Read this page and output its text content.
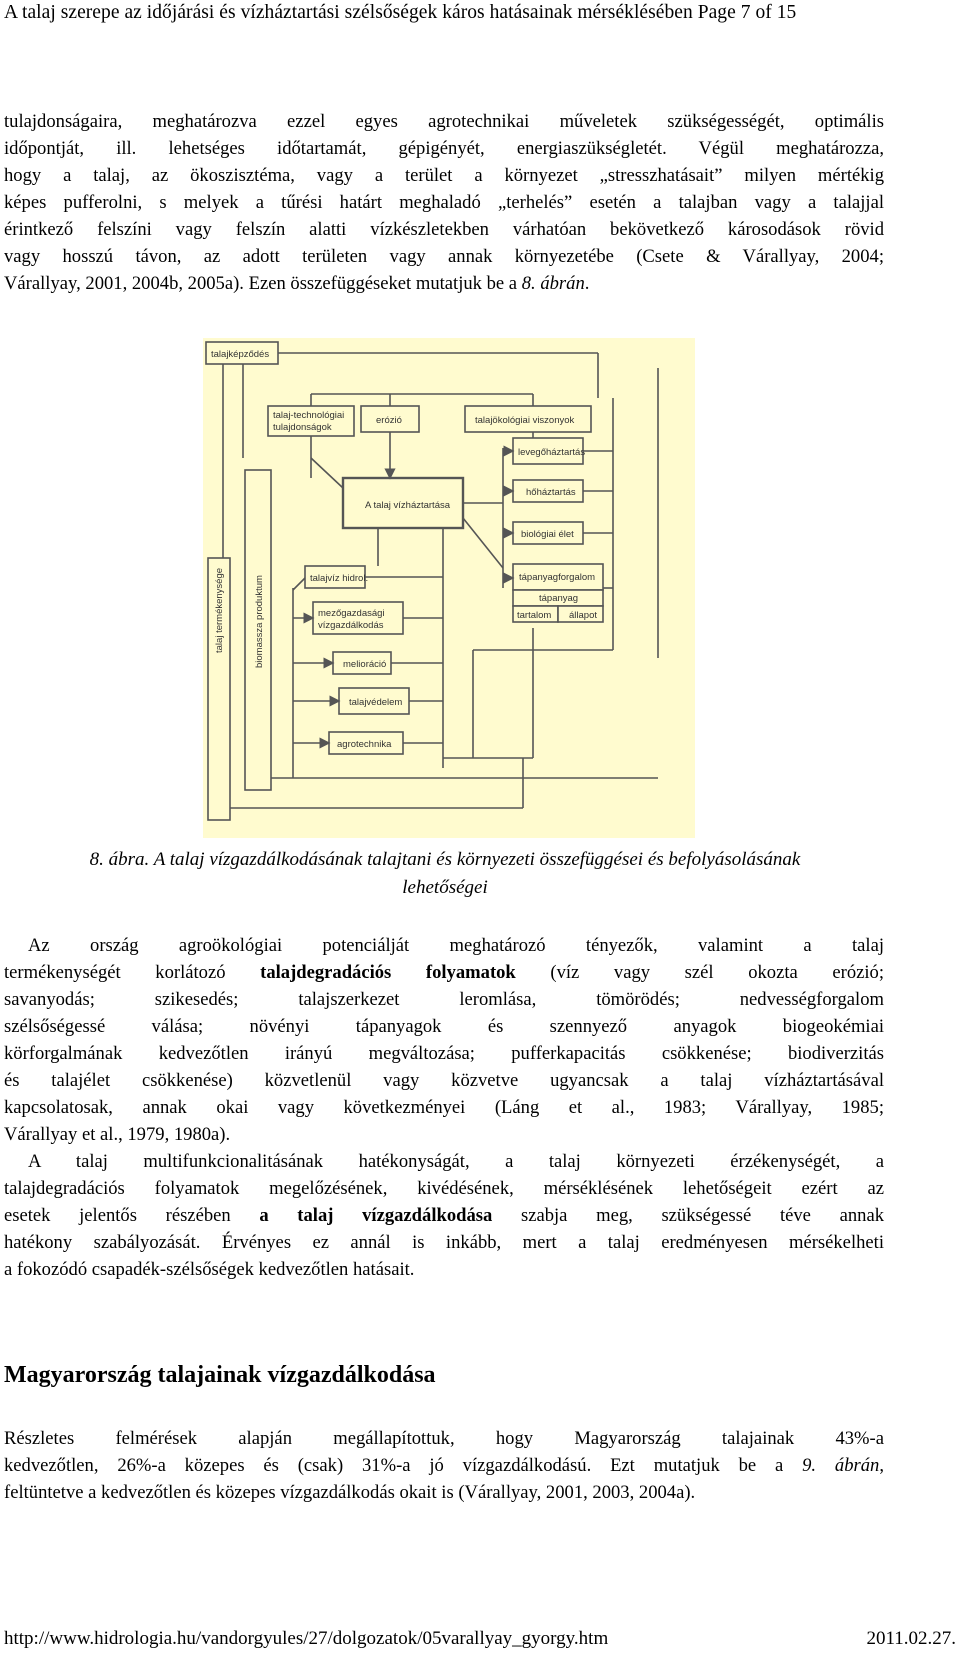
A talaj szerepe az időjárási és vízháztartási szélsőségek káros hatásainak mérséklésében Page 7 of 15
tulajdonságaira, meghatározva ezzel egyes agrotechnikai műveletek szükségességét, optimális
időpontját, ill. lehetséges időtartamát, gépigényét, energiaszükségletét. Végül meghatározza,
hogy a talaj, az ökoszisztéma, vagy a terület a környezet „stresszhatásait” milyen mértékig
képes pufferolni, s melyek a tűrési határt meghaladó „terhelés” esetén a talajban vagy a talajjal
érintkező felszíni vagy felszín alatti vízkészletekben várhatóan bekövetkező károsodások rövid
vagy hosszú távon, az adott területen vagy annak környezetébe (Csete & Várallyay, 2004;
Várallyay, 2001, 2004b, 2005a). Ezen összefüggéseket mutatjuk be a 8. ábrán.
talajképződés
talaj-technológiai
tulajdonságok
erózió	talajökológiai viszonyok
A talaj vízháztartása
levegőháztartás
hőháztartás
biológiai élet
tápanyagforgalom
tápanyag
tartalom állapot
talaj termékenysége	biomassza produktum	talajvíz hidrol.
mezőgazdasági
vízgazdálkodás
melioráció
talajvédelem
agrotechnika
8. ábra. A talaj vízgazdálkodásának talajtani és környezeti összefüggései és befolyásolásának
lehetőségei
Az ország agroökológiai potenciálját meghatározó tényezők, valamint a talaj
termékenységét korlátozó talajdegradációs folyamatok (víz vagy szél okozta erózió;
savanyodás; szikesedés; talajszerkezet leromlása, tömörödés; nedvességforgalom
szélsőségessé válása; növényi tápanyagok és szennyező anyagok biogeokémiai
körforgalmának kedvezőtlen irányú megváltozása; pufferkapacitás csökkenése; biodiverzitás
és talajélet csökkenése) közvetlenül vagy közvetve ugyancsak a talaj vízháztartásával
kapcsolatosak, annak okai vagy következményei (Láng et al., 1983; Várallyay, 1985;
Várallyay et al., 1979, 1980a).
A talaj multifunkcionalitásának hatékonyságát, a talaj környezeti érzékenységét, a
talajdegradációs folyamatok megelőzésének, kivédésének, mérséklésének lehetőségeit ezért az
esetek jelentős részében a talaj vízgazdálkodása szabja meg, szükségessé téve annak
hatékony szabályozását. Érvényes ez annál is inkább, mert a talaj eredményesen mérsékelheti
a fokozódó csapadék-szélsőségek kedvezőtlen hatásait.
Magyarország talajainak vízgazdálkodása
Részletes felmérések alapján megállapítottuk, hogy Magyarország talajainak 43%-a
kedvezőtlen, 26%-a közepes és (csak) 31%-a jó vízgazdálkodású. Ezt mutatjuk be a 9. ábrán,
feltüntetve a kedvezőtlen és közepes vízgazdálkodás okait is (Várallyay, 2001, 2003, 2004a).
http://www.hidrologia.hu/vandorgyules/27/dolgozatok/05varallyay_gyorgy.htm	2011.02.27.
